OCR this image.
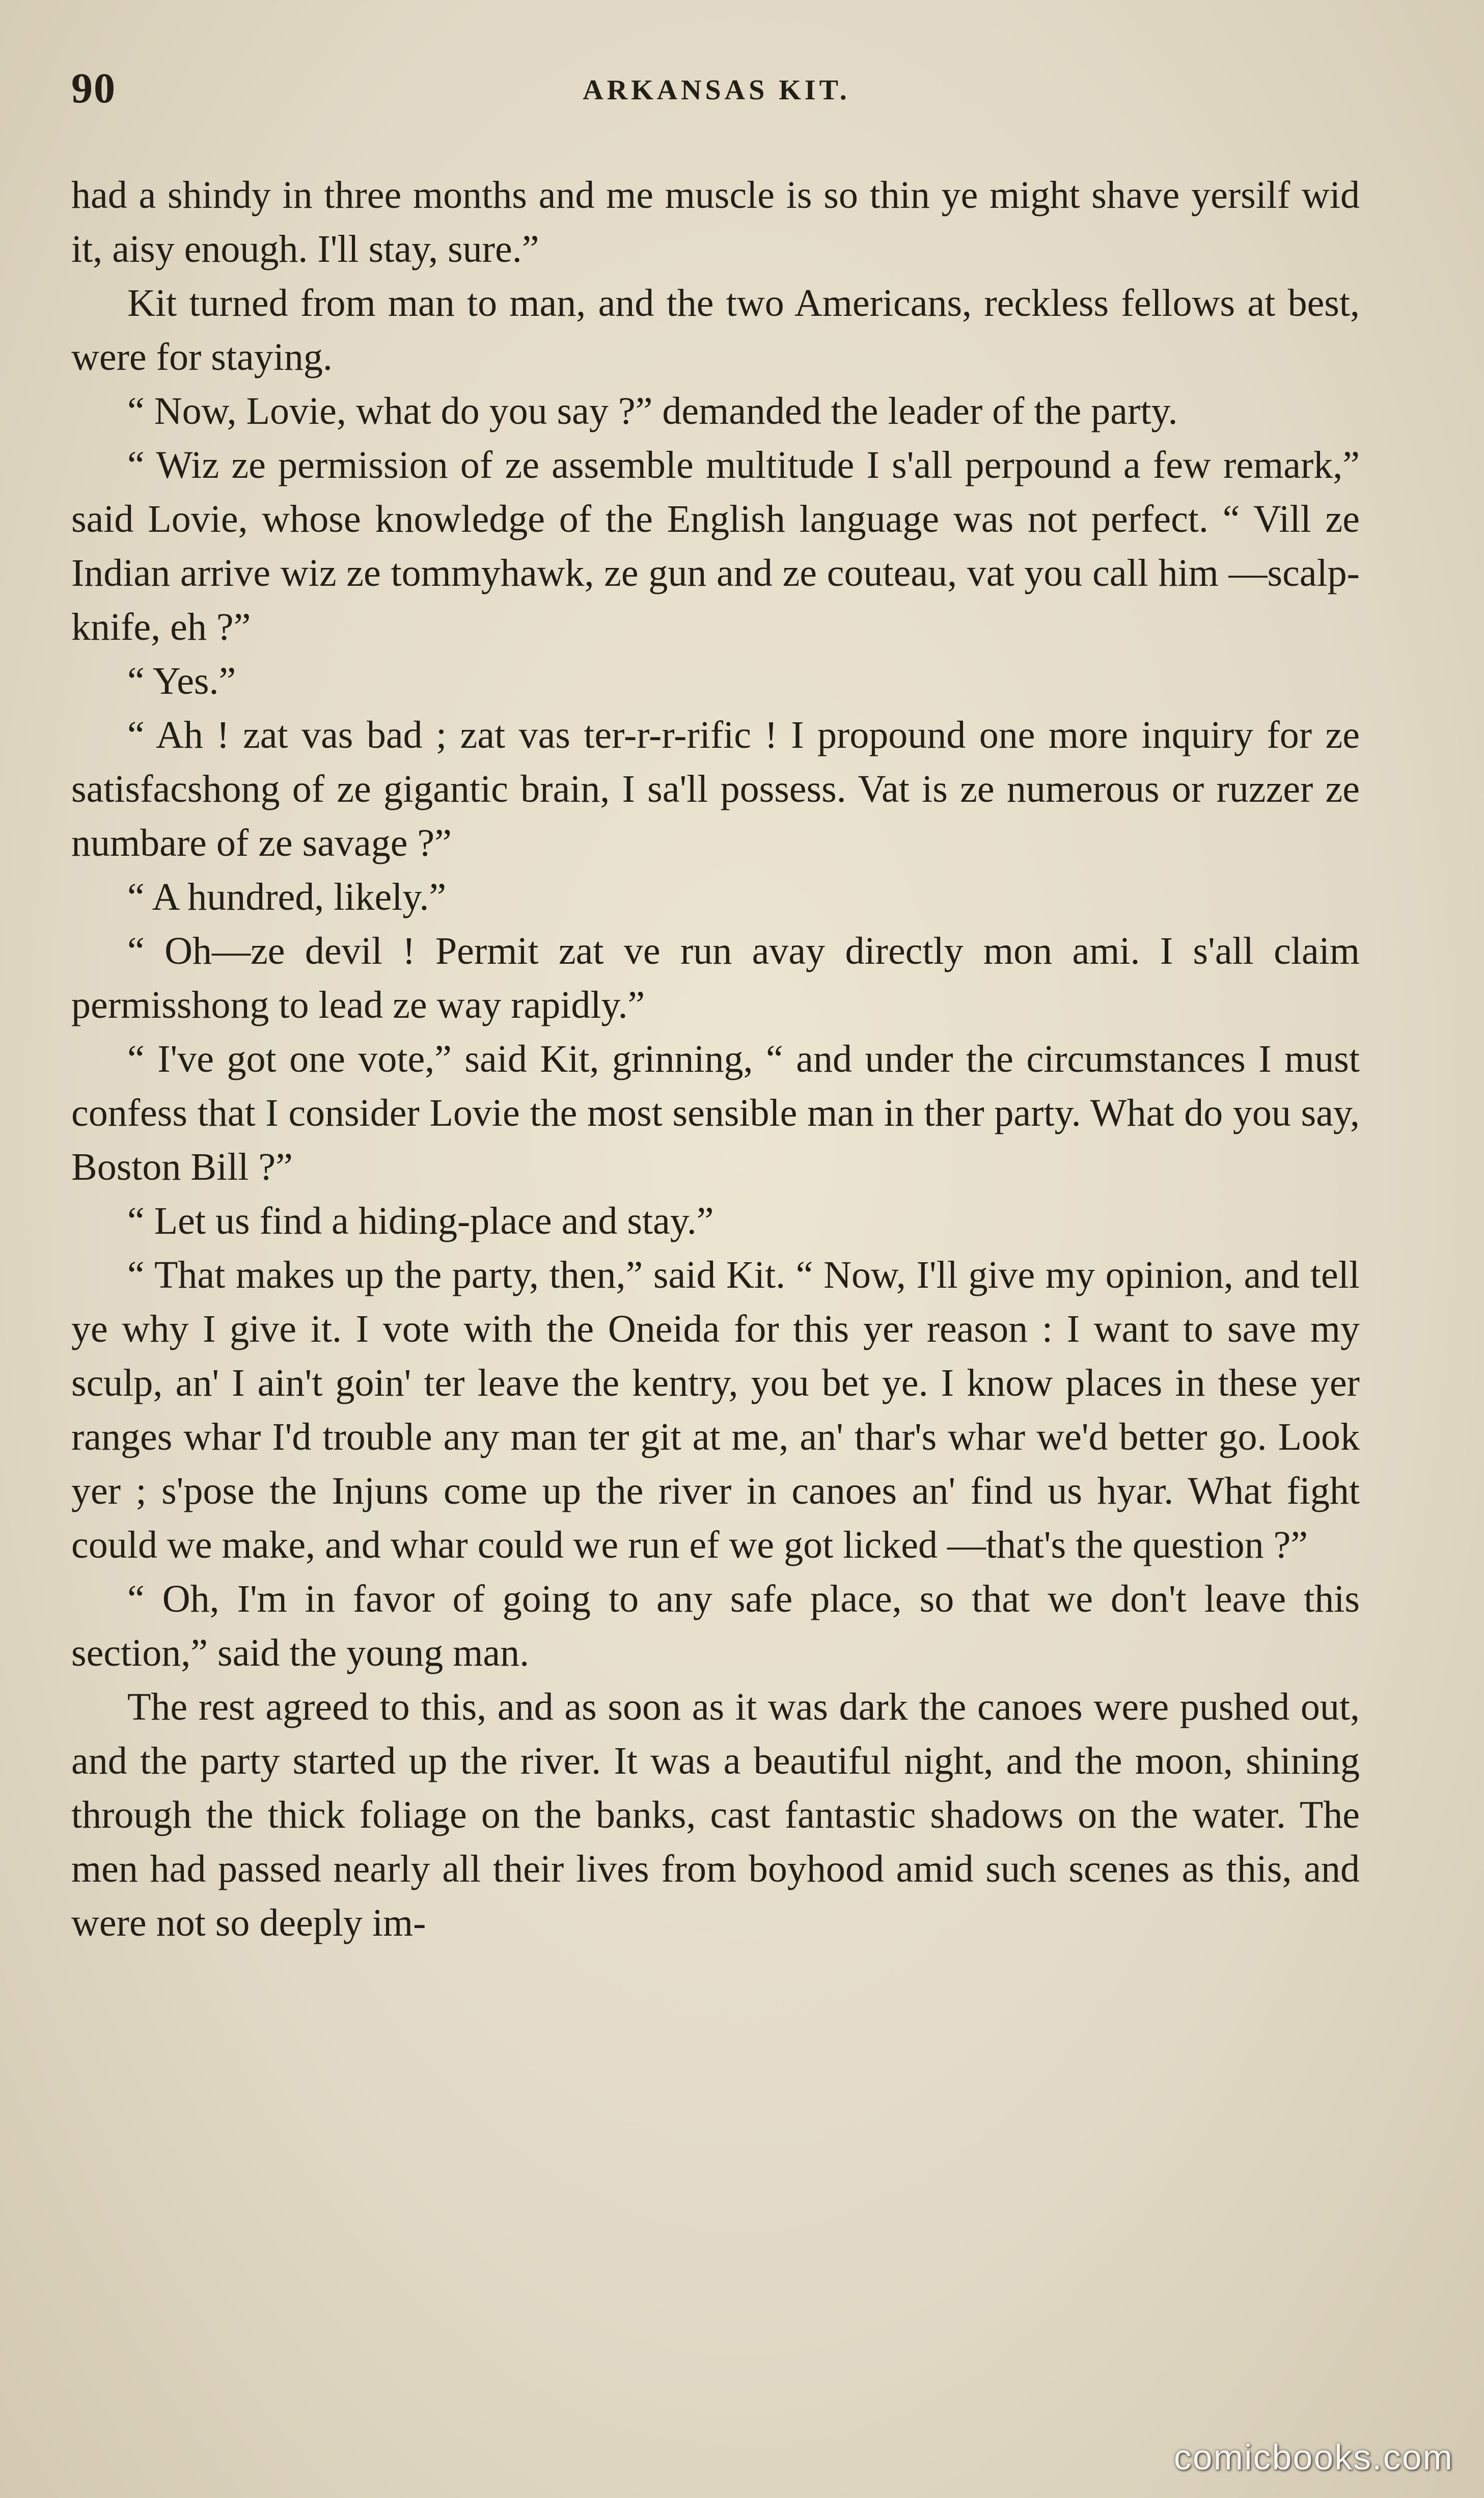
90	ARKANSAS KIT.

had a shindy in three months and me muscle is so thin ye might shave yersilf wid it, aisy enough. I'll stay, sure.”

Kit turned from man to man, and the two Americans, reckless fellows at best, were for staying.

“ Now, Lovie, what do you say ?” demanded the leader of the party.

“ Wiz ze permission of ze assemble multitude I s'all perpound a few remark,” said Lovie, whose knowledge of the English language was not perfect. “ Vill ze Indian arrive wiz ze tommyhawk, ze gun and ze couteau, vat you call him —scalp-knife, eh ?”

“ Yes.”

“ Ah ! zat vas bad ; zat vas ter-r-r-rific ! I propound one more inquiry for ze satisfacshong of ze gigantic brain, I sa'll possess. Vat is ze numerous or ruzzer ze numbare of ze savage ?”

“ A hundred, likely.”

“ Oh—ze devil ! Permit zat ve run avay directly mon ami. I s'all claim permisshong to lead ze way rapidly.”

“ I've got one vote,” said Kit, grinning, “ and under the circumstances I must confess that I consider Lovie the most sensible man in ther party. What do you say, Boston Bill ?”

“ Let us find a hiding-place and stay.”

“ That makes up the party, then,” said Kit. “ Now, I'll give my opinion, and tell ye why I give it. I vote with the Oneida for this yer reason : I want to save my sculp, an' I ain't goin' ter leave the kentry, you bet ye. I know places in these yer ranges whar I'd trouble any man ter git at me, an' thar's whar we'd better go. Look yer ; s'pose the Injuns come up the river in canoes an' find us hyar. What fight could we make, and whar could we run ef we got licked —that's the question ?”

“ Oh, I'm in favor of going to any safe place, so that we don't leave this section,” said the young man.

The rest agreed to this, and as soon as it was dark the canoes were pushed out, and the party started up the river. It was a beautiful night, and the moon, shining through the thick foliage on the banks, cast fantastic shadows on the water. The men had passed nearly all their lives from boyhood amid such scenes as this, and were not so deeply im-

comicbooks.com
